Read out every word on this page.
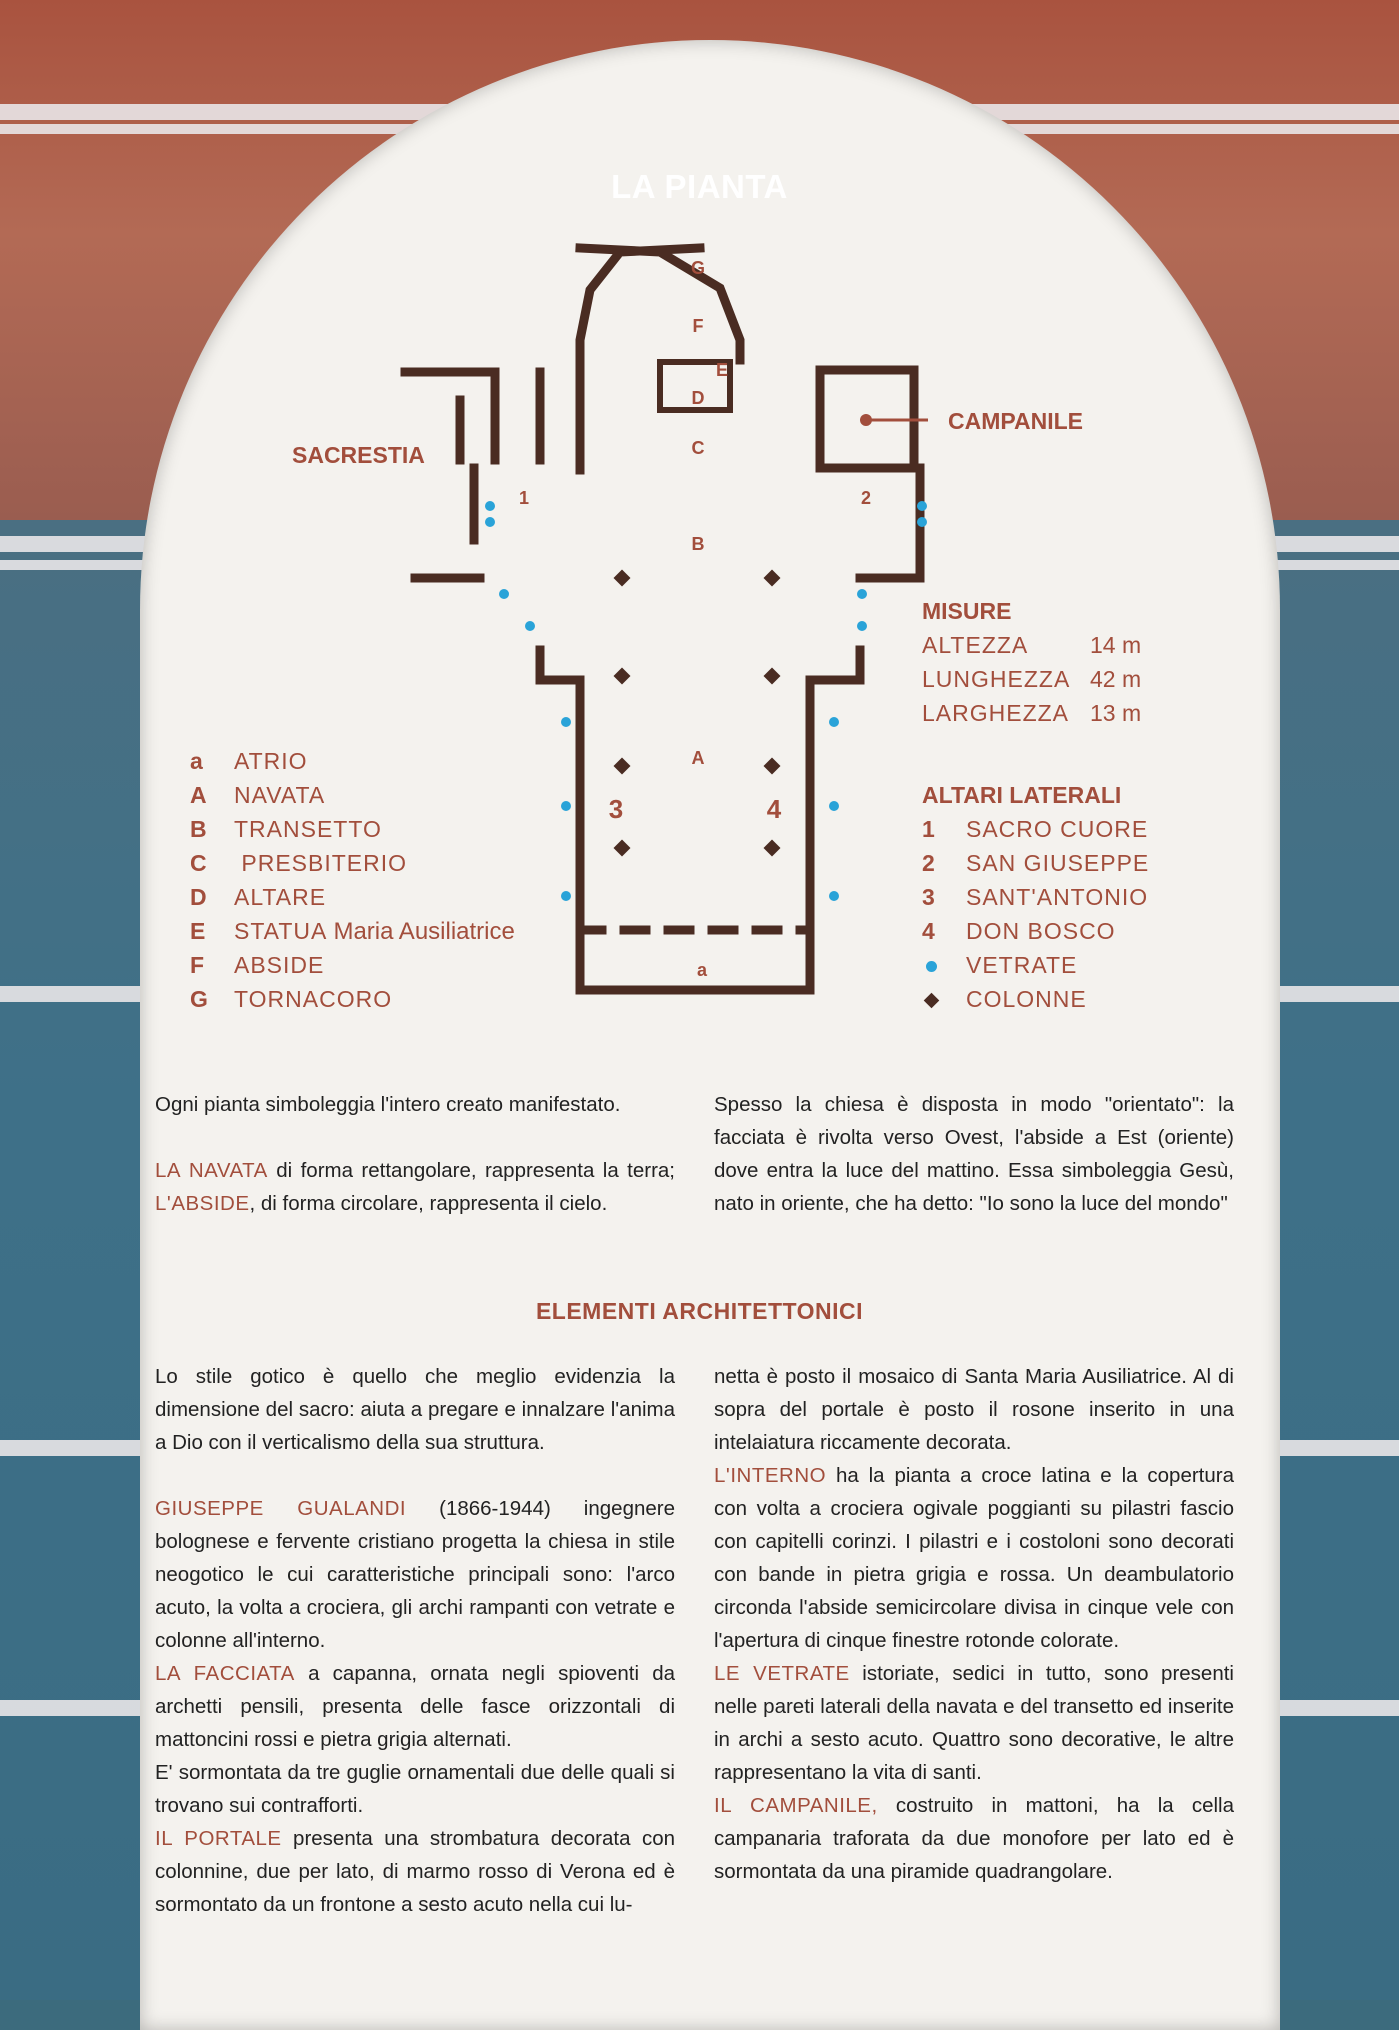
LA PIANTA
G
F
E
D
C
B
A
a
1	2
3	4
SACRESTIA
CAMPANILE
a ATRIO
A NAVATA
B TRANSETTO
C PRESBITERIO
D ALTARE
E STATUA Maria Ausiliatrice
F ABSIDE
G TORNACORO
MISURE
ALTEZZA	14 m
LUNGHEZZA 42 m
LARGHEZZA 13 m
ALTARI LATERALI
1 SACRO CUORE
2 SAN GIUSEPPE
3 SANT'ANTONIO
4 DON BOSCO
VETRATE
COLONNE
Ogni pianta simboleggia l'intero creato manifestato.
LA NAVATA di forma rettangolare, rappresenta la terra; L'ABSIDE, di forma circolare, rappresenta il cielo.
Spesso la chiesa è disposta in modo "orientato": la facciata è rivolta verso Ovest, l'abside a Est (oriente) dove entra la luce del mattino. Essa simboleggia Gesù, nato in oriente, che ha detto: "Io sono la luce del mondo"
ELEMENTI ARCHITETTONICI
Lo stile gotico è quello che meglio evidenzia la dimensione del sacro: aiuta a pregare e innalzare l'anima a Dio con il verticalismo della sua struttura.
GIUSEPPE GUALANDI (1866-1944) ingegnere bolognese e fervente cristiano progetta la chiesa in stile neogotico le cui caratteristiche principali sono: l'arco acuto, la volta a crociera, gli archi rampanti con vetrate e colonne all'interno.
LA FACCIATA a capanna, ornata negli spioventi da archetti pensili, presenta delle fasce orizzontali di mattoncini rossi e pietra grigia alternati.
E' sormontata da tre guglie ornamentali due delle quali si trovano sui contrafforti.
IL PORTALE presenta una strombatura decorata con colonnine, due per lato, di marmo rosso di Verona ed è sormontato da un frontone a sesto acuto nella cui lu-
netta è posto il mosaico di Santa Maria Ausiliatrice. Al di sopra del portale è posto il rosone inserito in una intelaiatura riccamente decorata.
L'INTERNO ha la pianta a croce latina e la copertura con volta a crociera ogivale poggianti su pilastri fascio con capitelli corinzi. I pilastri e i costoloni sono decorati con bande in pietra grigia e rossa. Un deambulatorio circonda l'abside semicircolare divisa in cinque vele con l'apertura di cinque finestre rotonde colorate.
LE VETRATE istoriate, sedici in tutto, sono presenti nelle pareti laterali della navata e del transetto ed inserite in archi a sesto acuto. Quattro sono decorative, le altre rappresentano la vita di santi.
IL CAMPANILE, costruito in mattoni, ha la cella campanaria traforata da due monofore per lato ed è sormontata da una piramide quadrangolare.
